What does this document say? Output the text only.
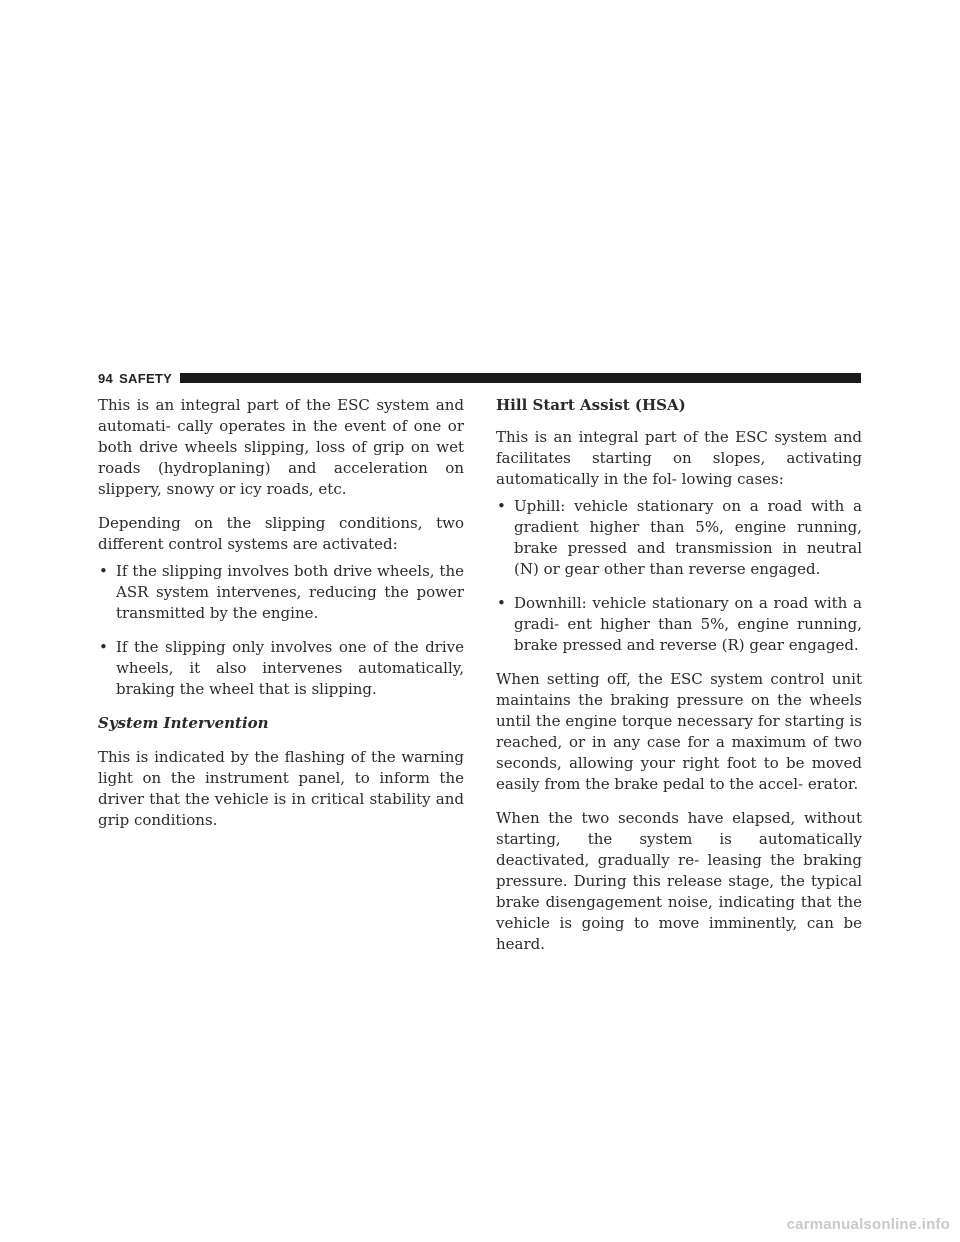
94 SAFETY

This is an integral part of the ESC system and automati- cally operates in the event of one or both drive wheels slipping, loss of grip on wet roads (hydroplaning) and acceleration on slippery, snowy or icy roads, etc.

Depending on the slipping conditions, two different control systems are activated:

• If the slipping involves both drive wheels, the ASR system intervenes, reducing the power transmitted by the engine.
• If the slipping only involves one of the drive wheels, it also intervenes automatically, braking the wheel that is slipping.
System Intervention

This is indicated by the flashing of the warning light on the instrument panel, to inform the driver that the vehicle is in critical stability and grip conditions.

Hill Start Assist (HSA)

This is an integral part of the ESC system and facilitates starting on slopes, activating automatically in the fol- lowing cases:

• Uphill: vehicle stationary on a road with a gradient higher than 5%, engine running, brake pressed and transmission in neutral (N) or gear other than reverse engaged.
• Downhill: vehicle stationary on a road with a gradi- ent higher than 5%, engine running, brake pressed and reverse (R) gear engaged.

When setting off, the ESC system control unit maintains the braking pressure on the wheels until the engine torque necessary for starting is reached, or in any case for a maximum of two seconds, allowing your right foot to be moved easily from the brake pedal to the accel- erator.

When the two seconds have elapsed, without starting, the system is automatically deactivated, gradually re- leasing the braking pressure. During this release stage, the typical brake disengagement noise, indicating that the vehicle is going to move imminently, can be heard.

carmanualsonline.info
